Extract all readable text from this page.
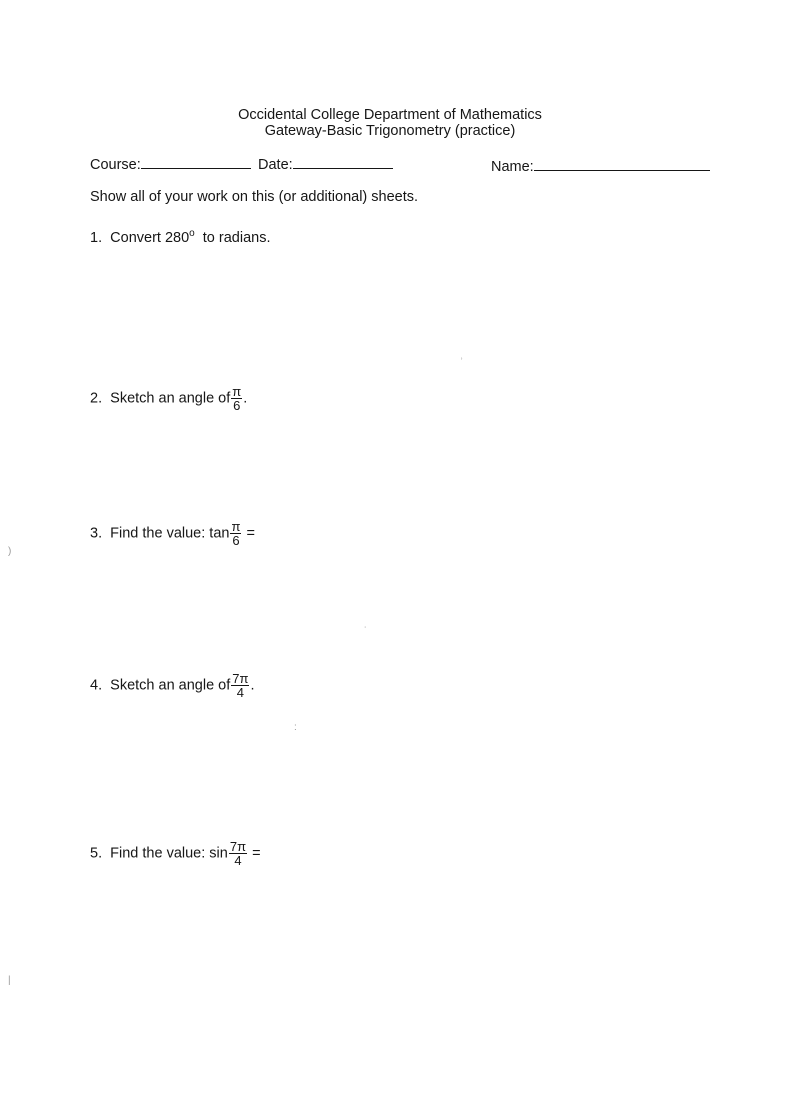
Occidental College Department of Mathematics
Gateway-Basic Trigonometry (practice)
Course:	Date:	Name:
Show all of your work on this (or additional) sheets.
1. Convert 280$^o$  to radians.
2. Sketch an angle of $\frac{\pi}{6}$ .
3. Find the value: $\tan \frac{\pi}{6}$ =
4. Sketch an angle of $\frac{7\pi}{4}$ .
5. Find the value: $\sin \frac{7\pi}{4}$ =
˒
˙
:
)
|
